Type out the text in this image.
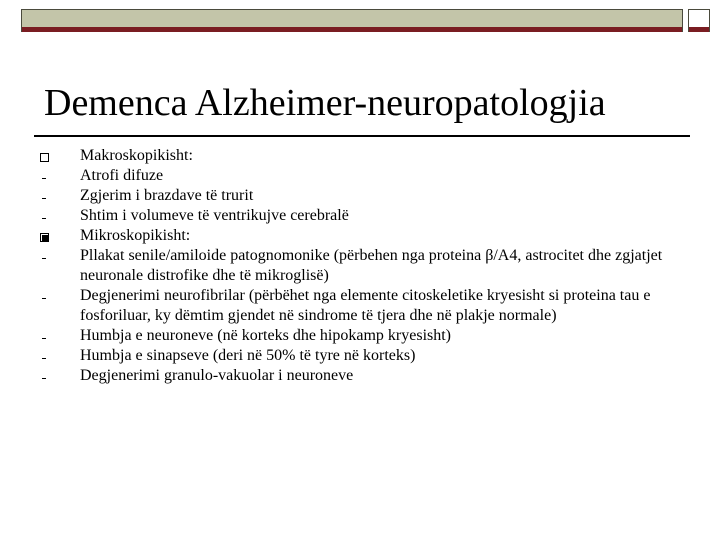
Demenca Alzheimer-neuropatologjia
Makroskopikisht:
Atrofi difuze
Zgjerim i brazdave të trurit
Shtim i volumeve të ventrikujve cerebralë
Mikroskopikisht:
Pllakat senile/amiloide patognomonike (përbehen nga proteina β/A4, astrocitet dhe zgjatjet neuronale distrofike dhe të mikroglisë)
Degjenerimi neurofibrilar (përbëhet nga elemente citoskeletike kryesisht si proteina tau e fosforiluar, ky dëmtim gjendet në sindrome të tjera dhe në plakje normale)
Humbja e neuroneve (në korteks dhe hipokamp kryesisht)
Humbja e sinapseve (deri në 50% të tyre në korteks)
Degjenerimi granulo-vakuolar i neuroneve
